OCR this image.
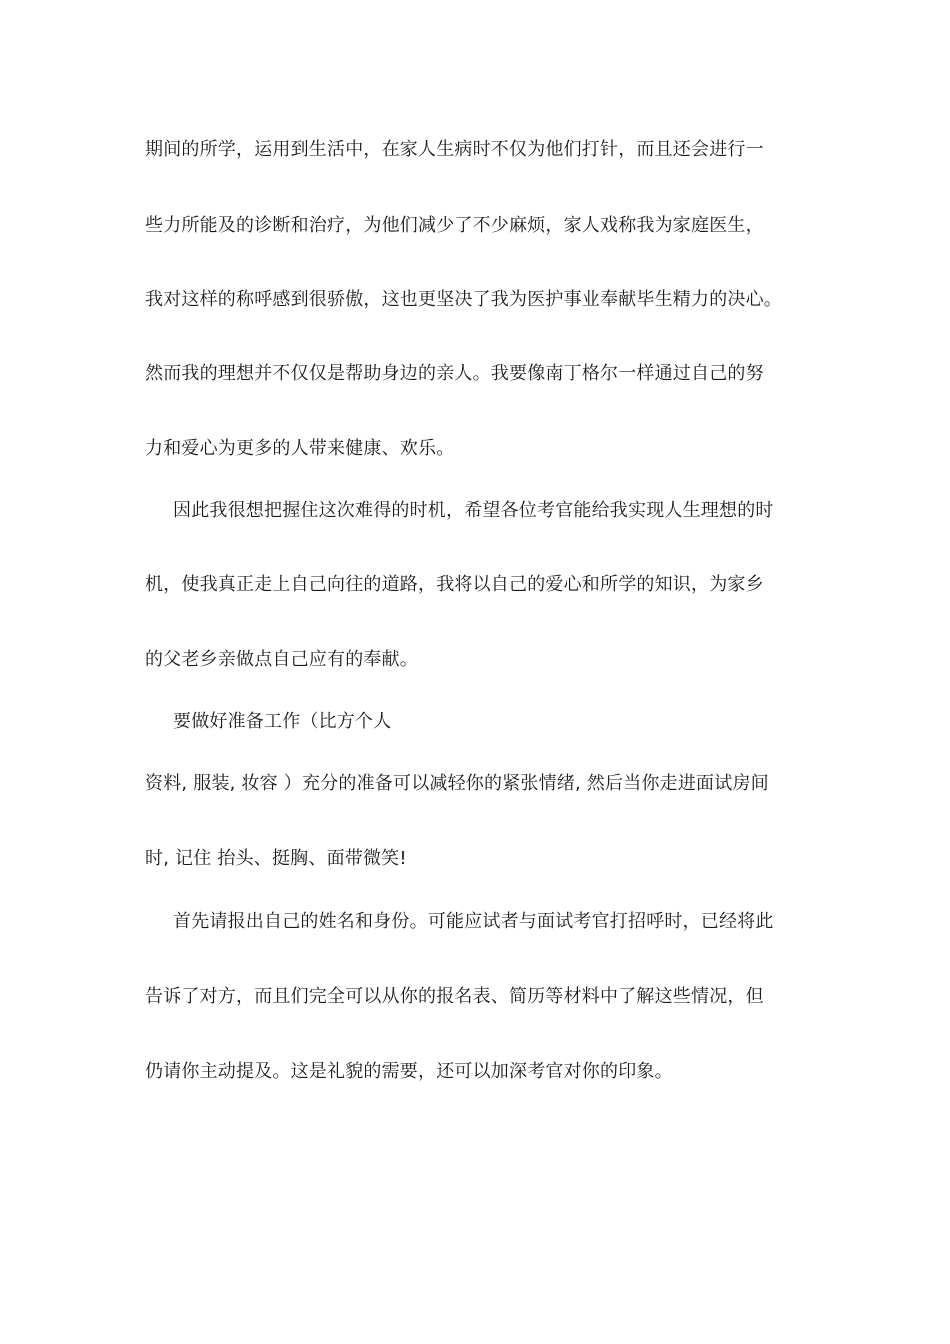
期间的所学，运用到生活中，在家人生病时不仅为他们打针，而且还会进行一
些力所能及的诊断和治疗，为他们减少了不少麻烦，家人戏称我为家庭医生，
我对这样的称呼感到很骄傲，这也更坚决了我为医护事业奉献毕生精力的决心。
然而我的理想并不仅仅是帮助身边的亲人。我要像南丁格尔一样通过自己的努
力和爱心为更多的人带来健康、欢乐。
因此我很想把握住这次难得的时机，希望各位考官能给我实现人生理想的时
机，使我真正走上自己向往的道路，我将以自己的爱心和所学的知识，为家乡
的父老乡亲做点自己应有的奉献。
要做好准备工作（比方个人
资料, 服装, 妆容 ）充分的准备可以减轻你的紧张情绪, 然后当你走进面试房间
时, 记住 抬头、挺胸、面带微笑!
首先请报出自己的姓名和身份。可能应试者与面试考官打招呼时，已经将此
告诉了对方，而且们完全可以从你的报名表、简历等材料中了解这些情况，但
仍请你主动提及。这是礼貌的需要，还可以加深考官对你的印象。
